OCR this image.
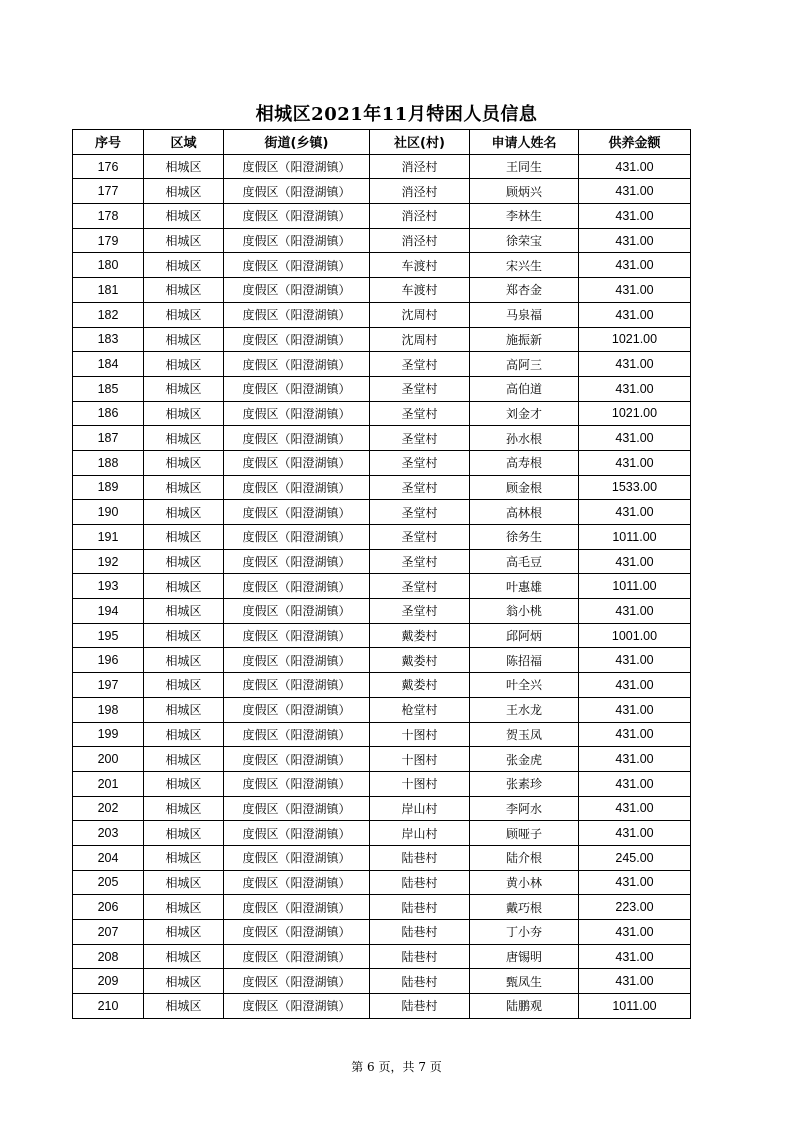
相城区2021年11月特困人员信息
序号	区域	街道(乡镇)	社区(村)	申请人姓名	供养金额
176	相城区	度假区（阳澄湖镇）	消泾村	王同生	431.00
177	相城区	度假区（阳澄湖镇）	消泾村	顾炳兴	431.00
178	相城区	度假区（阳澄湖镇）	消泾村	李林生	431.00
179	相城区	度假区（阳澄湖镇）	消泾村	徐荣宝	431.00
180	相城区	度假区（阳澄湖镇）	车渡村	宋兴生	431.00
181	相城区	度假区（阳澄湖镇）	车渡村	郑杏金	431.00
182	相城区	度假区（阳澄湖镇）	沈周村	马泉福	431.00
183	相城区	度假区（阳澄湖镇）	沈周村	施振新	1021.00
184	相城区	度假区（阳澄湖镇）	圣堂村	高阿三	431.00
185	相城区	度假区（阳澄湖镇）	圣堂村	高伯道	431.00
186	相城区	度假区（阳澄湖镇）	圣堂村	刘金才	1021.00
187	相城区	度假区（阳澄湖镇）	圣堂村	孙水根	431.00
188	相城区	度假区（阳澄湖镇）	圣堂村	高寿根	431.00
189	相城区	度假区（阳澄湖镇）	圣堂村	顾金根	1533.00
190	相城区	度假区（阳澄湖镇）	圣堂村	高林根	431.00
191	相城区	度假区（阳澄湖镇）	圣堂村	徐务生	1011.00
192	相城区	度假区（阳澄湖镇）	圣堂村	高毛豆	431.00
193	相城区	度假区（阳澄湖镇）	圣堂村	叶惠雄	1011.00
194	相城区	度假区（阳澄湖镇）	圣堂村	翁小桃	431.00
195	相城区	度假区（阳澄湖镇）	戴娄村	邱阿炳	1001.00
196	相城区	度假区（阳澄湖镇）	戴娄村	陈招福	431.00
197	相城区	度假区（阳澄湖镇）	戴娄村	叶全兴	431.00
198	相城区	度假区（阳澄湖镇）	枪堂村	王水龙	431.00
199	相城区	度假区（阳澄湖镇）	十图村	贺玉凤	431.00
200	相城区	度假区（阳澄湖镇）	十图村	张金虎	431.00
201	相城区	度假区（阳澄湖镇）	十图村	张素珍	431.00
202	相城区	度假区（阳澄湖镇）	岸山村	李阿水	431.00
203	相城区	度假区（阳澄湖镇）	岸山村	顾哑子	431.00
204	相城区	度假区（阳澄湖镇）	陆巷村	陆介根	245.00
205	相城区	度假区（阳澄湖镇）	陆巷村	黄小林	431.00
206	相城区	度假区（阳澄湖镇）	陆巷村	戴巧根	223.00
207	相城区	度假区（阳澄湖镇）	陆巷村	丁小夯	431.00
208	相城区	度假区（阳澄湖镇）	陆巷村	唐锡明	431.00
209	相城区	度假区（阳澄湖镇）	陆巷村	甄凤生	431.00
210	相城区	度假区（阳澄湖镇）	陆巷村	陆鹏观	1011.00
第 6 页，共 7 页
